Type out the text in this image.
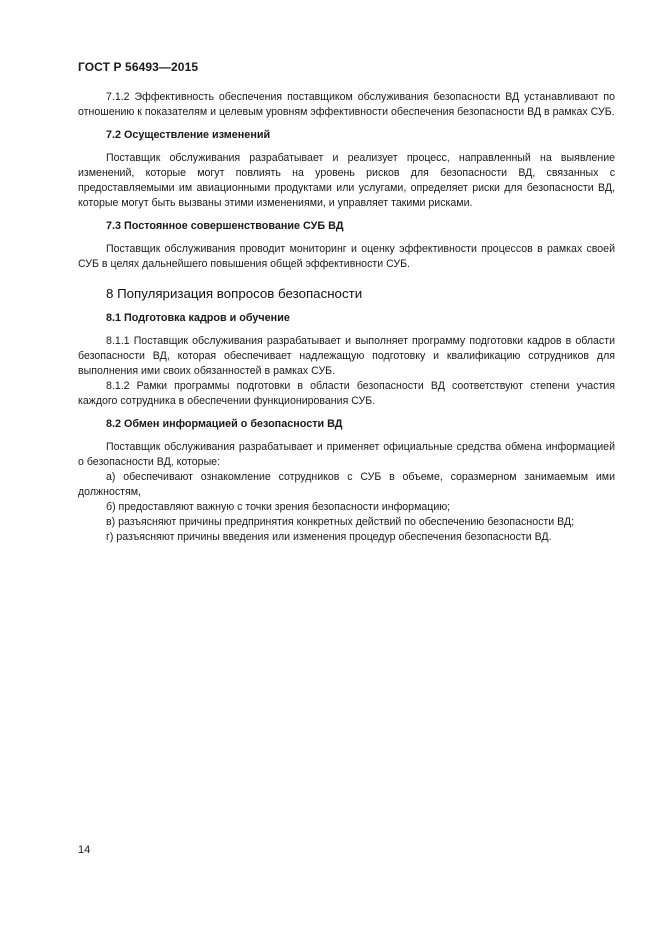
ГОСТ Р 56493—2015

7.1.2 Эффективность обеспечения поставщиком обслуживания безопасности ВД устанавливают по отношению к показателям и целевым уровням эффективности обеспечения безопасности ВД в рамках СУБ.

7.2 Осуществление изменений

Поставщик обслуживания разрабатывает и реализует процесс, направленный на выявление изменений, которые могут повлиять на уровень рисков для безопасности ВД, связанных с предоставляемыми им авиационными продуктами или услугами, определяет риски для безопасности ВД, которые могут быть вызваны этими изменениями, и управляет такими рисками.

7.3 Постоянное совершенствование СУБ ВД

Поставщик обслуживания проводит мониторинг и оценку эффективности процессов в рамках своей СУБ в целях дальнейшего повышения общей эффективности СУБ.

8 Популяризация вопросов безопасности

8.1 Подготовка кадров и обучение

8.1.1 Поставщик обслуживания разрабатывает и выполняет программу подготовки кадров в области безопасности ВД, которая обеспечивает надлежащую подготовку и квалификацию сотрудников для выполнения ими своих обязанностей в рамках СУБ.

8.1.2 Рамки программы подготовки в области безопасности ВД соответствуют степени участия каждого сотрудника в обеспечении функционирования СУБ.

8.2 Обмен информацией о безопасности ВД

Поставщик обслуживания разрабатывает и применяет официальные средства обмена информацией о безопасности ВД, которые:

а) обеспечивают ознакомление сотрудников с СУБ в объеме, соразмерном занимаемым ими должностям,

б) предоставляют важную с точки зрения безопасности информацию;

в) разъясняют причины предпринятия конкретных действий по обеспечению безопасности ВД;

г) разъясняют причины введения или изменения процедур обеспечения безопасности ВД.

14
